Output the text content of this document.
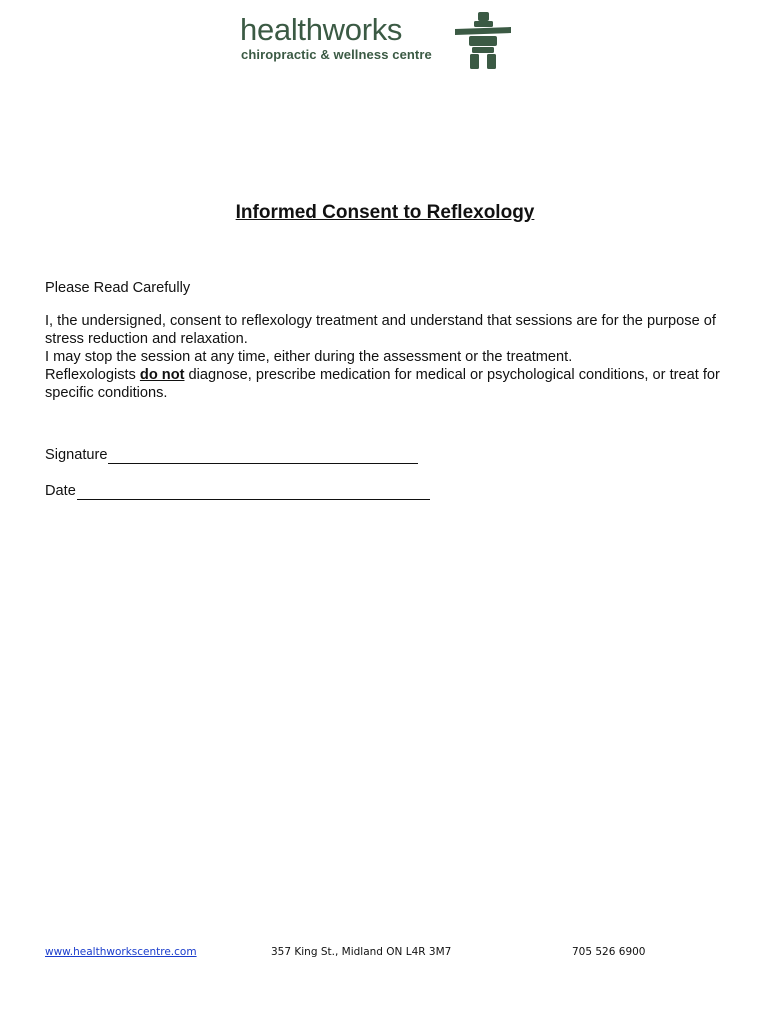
healthworks
chiropractic & wellness centre
Informed Consent to Reflexology
Please Read Carefully

I, the undersigned, consent to reflexology treatment and understand that sessions are for the purpose of stress reduction and relaxation.

I may stop the session at any time, either during the assessment or the treatment.

Reflexologists do not diagnose, prescribe medication for medical or psychological conditions, or treat for specific conditions.

Signature
Date
www.healthworkscentre.com	357 King St., Midland ON L4R 3M7	705 526 6900
